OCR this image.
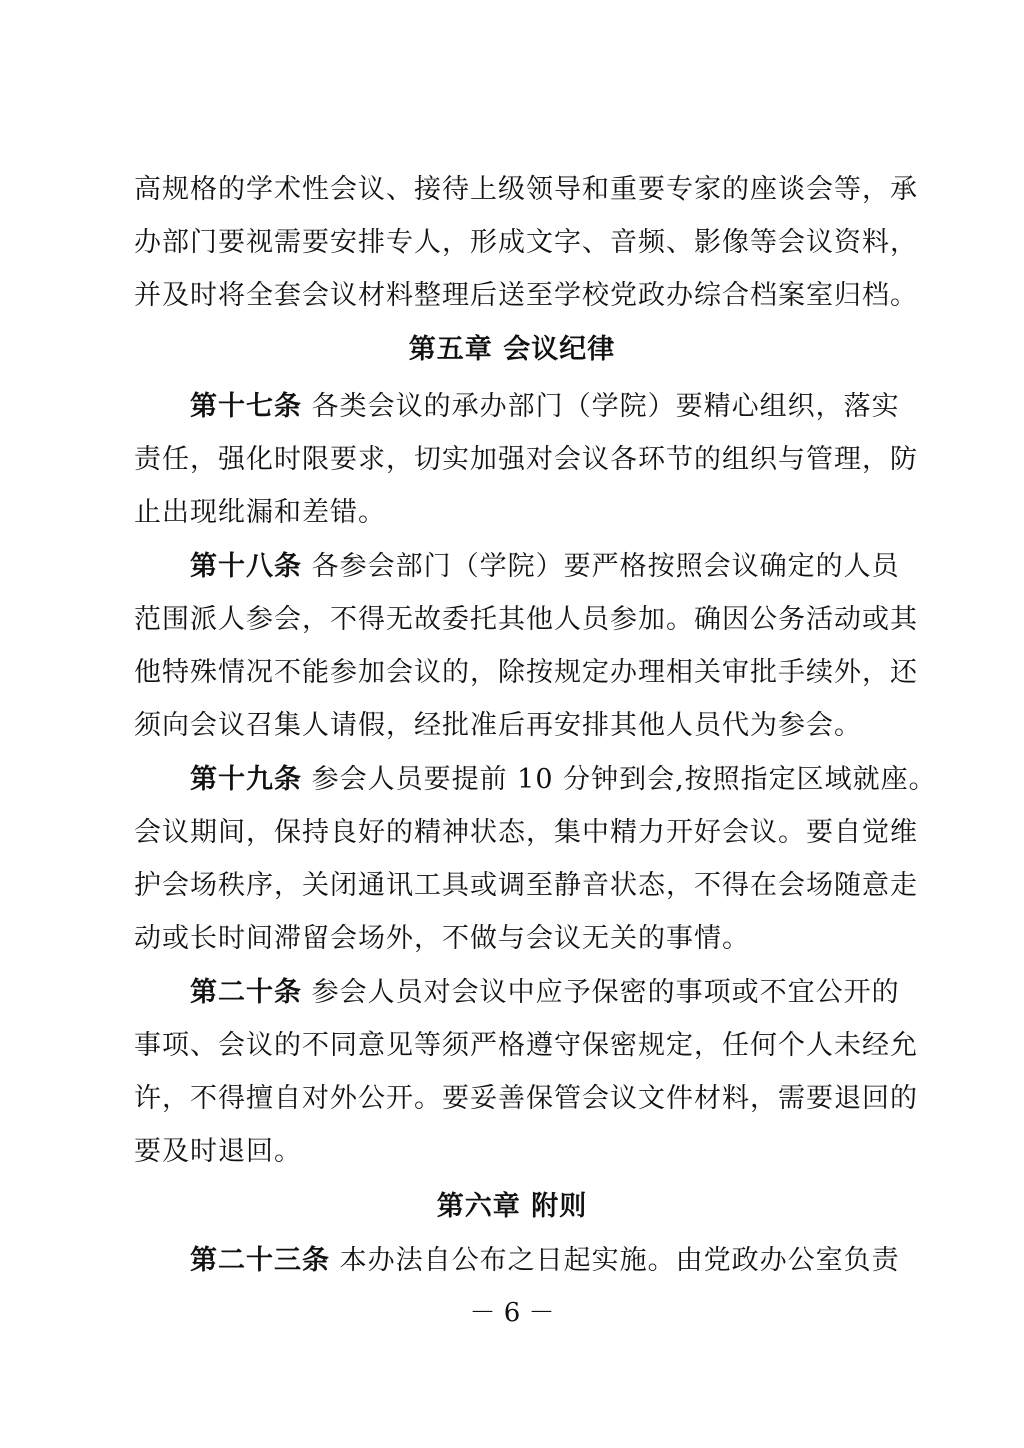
高规格的学术性会议、接待上级领导和重要专家的座谈会等，承
办部门要视需要安排专人，形成文字、音频、影像等会议资料，
并及时将全套会议材料整理后送至学校党政办综合档案室归档。
第五章 会议纪律
第十七条 各类会议的承办部门（学院）要精心组织，落实
责任，强化时限要求，切实加强对会议各环节的组织与管理，防
止出现纰漏和差错。
第十八条 各参会部门（学院）要严格按照会议确定的人员
范围派人参会，不得无故委托其他人员参加。确因公务活动或其
他特殊情况不能参加会议的，除按规定办理相关审批手续外，还
须向会议召集人请假，经批准后再安排其他人员代为参会。
第十九条 参会人员要提前 10 分钟到会,按照指定区域就座。
会议期间，保持良好的精神状态，集中精力开好会议。要自觉维
护会场秩序，关闭通讯工具或调至静音状态，不得在会场随意走
动或长时间滞留会场外，不做与会议无关的事情。
第二十条 参会人员对会议中应予保密的事项或不宜公开的
事项、会议的不同意见等须严格遵守保密规定，任何个人未经允
许，不得擅自对外公开。要妥善保管会议文件材料，需要退回的
要及时退回。
第六章 附则
第二十三条 本办法自公布之日起实施。由党政办公室负责
－ 6 －
